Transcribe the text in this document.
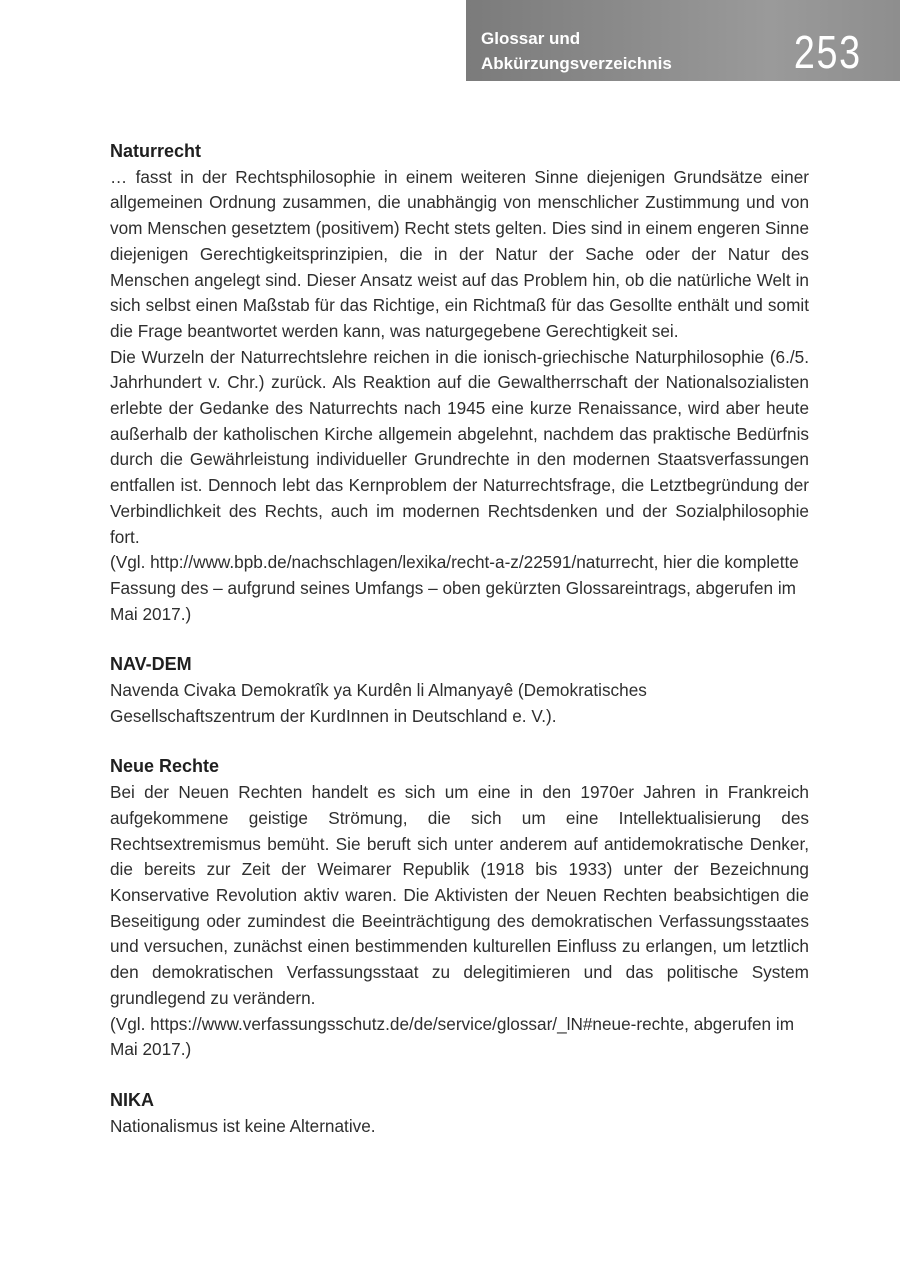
Glossar und
Abkürzungsverzeichnis	253

Naturrecht

… fasst in der Rechtsphilosophie in einem weiteren Sinne diejenigen Grundsätze einer allgemeinen Ordnung zusammen, die unabhängig von menschlicher Zustimmung und von vom Menschen gesetztem (positivem) Recht stets gelten. Dies sind in einem engeren Sinne diejenigen Gerechtigkeitsprinzipien, die in der Natur der Sache oder der Natur des Menschen angelegt sind. Dieser Ansatz weist auf das Problem hin, ob die natürliche Welt in sich selbst einen Maßstab für das Richtige, ein Richtmaß für das Gesollte enthält und somit die Frage beantwortet werden kann, was naturgegebene Gerechtigkeit sei.

Die Wurzeln der Naturrechtslehre reichen in die ionisch-griechische Naturphilosophie (6./5. Jahrhundert v. Chr.) zurück. Als Reaktion auf die Gewaltherrschaft der Nationalsozialisten erlebte der Gedanke des Naturrechts nach 1945 eine kurze Renaissance, wird aber heute außerhalb der katholischen Kirche allgemein abgelehnt, nachdem das praktische Bedürfnis durch die Gewährleistung individueller Grundrechte in den modernen Staatsverfassungen entfallen ist. Dennoch lebt das Kernproblem der Naturrechtsfrage, die Letztbegründung der Verbindlichkeit des Rechts, auch im modernen Rechtsdenken und der Sozialphilosophie fort.

(Vgl. http://www.bpb.de/nachschlagen/lexika/recht-a-z/22591/naturrecht, hier die komplette Fassung des – aufgrund seines Umfangs – oben gekürzten Glossareintrags, abgerufen im Mai 2017.)

NAV-DEM

Navenda Civaka Demokratîk ya Kurdên li Almanyayê (Demokratisches Gesellschaftszentrum der KurdInnen in Deutschland e. V.).

Neue Rechte

Bei der Neuen Rechten handelt es sich um eine in den 1970er Jahren in Frankreich aufgekommene geistige Strömung, die sich um eine Intellektualisierung des Rechtsextremismus bemüht. Sie beruft sich unter anderem auf antidemokratische Denker, die bereits zur Zeit der Weimarer Republik (1918 bis 1933) unter der Bezeichnung Konservative Revolution aktiv waren. Die Aktivisten der Neuen Rechten beabsichtigen die Beseitigung oder zumindest die Beeinträchtigung des demokratischen Verfassungsstaates und versuchen, zunächst einen bestimmenden kulturellen Einfluss zu erlangen, um letztlich den demokratischen Verfassungsstaat zu delegitimieren und das politische System grundlegend zu verändern.

(Vgl. https://www.verfassungsschutz.de/de/service/glossar/_lN#neue-rechte, abgerufen im Mai 2017.)

NIKA

Nationalismus ist keine Alternative.
